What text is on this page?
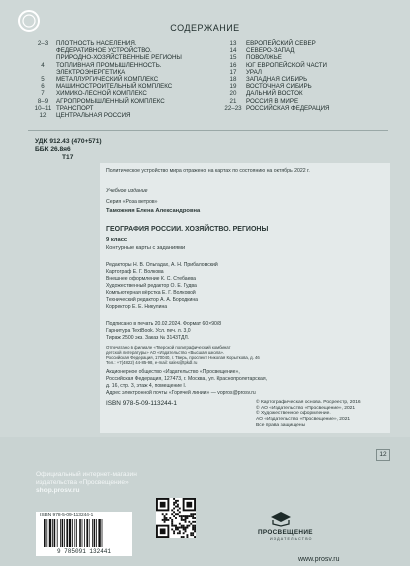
СОДЕРЖАНИЕ
2–3	ПЛОТНОСТЬ НАСЕЛЕНИЯ.
ФЕДЕРАТИВНОЕ УСТРОЙСТВО.
ПРИРОДНО-ХОЗЯЙСТВЕННЫЕ РЕГИОНЫ
4	ТОПЛИВНАЯ ПРОМЫШЛЕННОСТЬ.
ЭЛЕКТРОЭНЕРГЕТИКА
5	МЕТАЛЛУРГИЧЕСКИЙ КОМПЛЕКС
6	МАШИНОСТРОИТЕЛЬНЫЙ КОМПЛЕКС
7	ХИМИКО-ЛЕСНОЙ КОМПЛЕКС
8–9	АГРОПРОМЫШЛЕННЫЙ КОМПЛЕКС
10–11 ТРАНСПОРТ
12	ЦЕНТРАЛЬНАЯ РОССИЯ
13	ЕВРОПЕЙСКИЙ СЕВЕР
14	СЕВЕРО-ЗАПАД
15	ПОВОЛЖЬЕ
16	ЮГ ЕВРОПЕЙСКОЙ ЧАСТИ
17	УРАЛ
18	ЗАПАДНАЯ СИБИРЬ
19	ВОСТОЧНАЯ СИБИРЬ
20	ДАЛЬНИЙ ВОСТОК
21	РОССИЯ В МИРЕ
22–23 РОССИЙСКАЯ ФЕДЕРАЦИЯ
УДК 912.43 (470+571)
ББК 26.8я6
Т17
Политическое устройство мира отражено на картах по состоянию на октябрь 2022 г.
Учебное издание
Серия «Роза ветров»
Таможняя Елена Александровна
ГЕОГРАФИЯ РОССИИ. ХОЗЯЙСТВО. РЕГИОНЫ
9 класс
Контурные карты с заданиями
Редакторы Н. В. Ольгадах, А. Н. Прибаловский
Картограф Е. Г. Волкова
Внешнее оформление К. С. Стебаева
Художественный редактор О. Е. Гудва
Компьютерная вёрстка Е. Г. Волковой
Технический редактор А. А. Бородкина
Корректор Е. Е. Никулина
Подписано в печать 20.02.2024. Формат 60×90/8
Гарнитура TextBook. Усл. печ. л. 3,0
Тираж 2500 экз. Заказ № 3143ТДЛ.
Отпечатано в филиале «Тверской полиграфический комбинат
детской литературы» АО «Издательство «Высшая школа».
Российская Федерация, 170040, г. Тверь, проспект Николая Корыткова, д. 46
Тел.: +7(4822) 44-85-98, e-mail: sales@tpkdl.ru
Акционерное общество «Издательство «Просвещение»,
Российская Федерация, 127473, г. Москва, ул. Краснопролетарская,
д. 16, стр. 3, этаж 4, помещение I.
Адрес электронной почты «Горячей линии» — vopros@prosv.ru
ISBN 978-5-09-113244-1	© Картографическая основа. Росреестр, 2016
© АО «Издательство «Просвещение», 2021
© Художественное оформление.
АО «Издательство «Просвещение», 2021
Все права защищены
12
Официальный интернет-магазин
издательства «Просвещение»
shop.prosv.ru
ISBN 978-5-09-113244-1
9 785091 132441
ПРОСВЕЩЕНИЕ
ИЗДАТЕЛЬСТВО
www.prosv.ru
